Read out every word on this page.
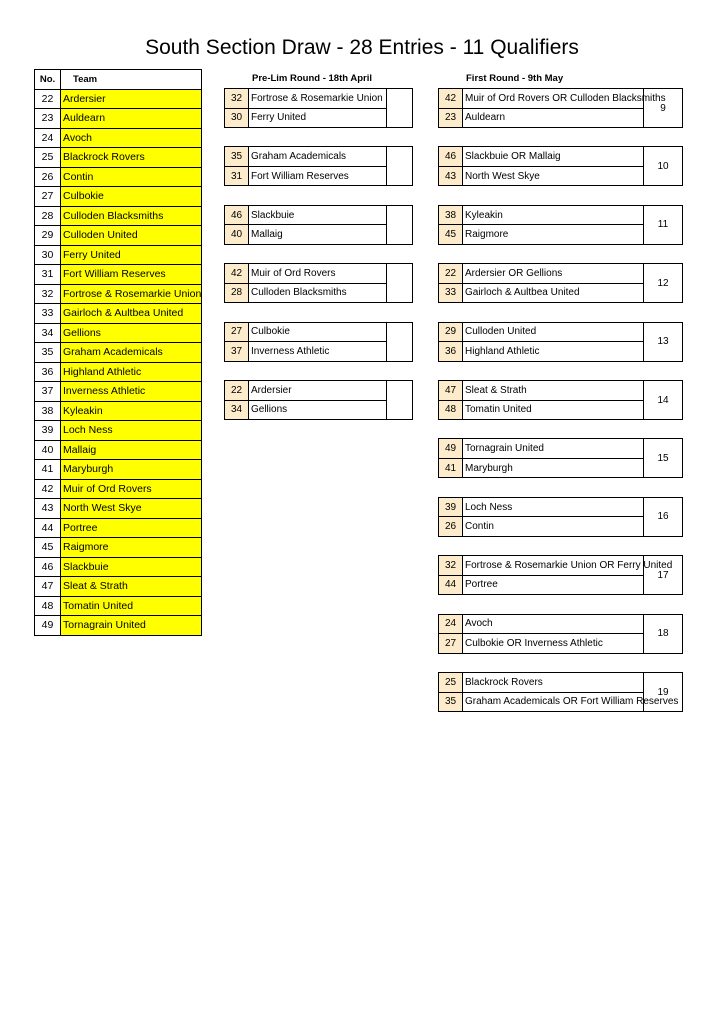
South Section Draw - 28 Entries - 11 Qualifiers
Pre-Lim Round - 18th April	First Round - 9th May
No.	Team
22	Ardersier
23	Auldearn
24	Avoch
25	Blackrock Rovers
26	Contin
27	Culbokie
28	Culloden Blacksmiths
29	Culloden United
30	Ferry United
31	Fort William Reserves
32	Fortrose & Rosemarkie Union
33	Gairloch & Aultbea United
34	Gellions
35	Graham Academicals
36	Highland Athletic
37	Inverness Athletic
38	Kyleakin
39	Loch Ness
40	Mallaig
41	Maryburgh
42	Muir of Ord Rovers
43	North West Skye
44	Portree
45	Raigmore
46	Slackbuie
47	Sleat & Strath
48	Tomatin United
49	Tornagrain United
32	Fortrose & Rosemarkie Union	
30	Ferry United	
35	Graham Academicals	
31	Fort William Reserves	
46	Slackbuie	
40	Mallaig	
42	Muir of Ord Rovers	
28	Culloden Blacksmiths	
27	Culbokie	
37	Inverness Athletic	
22	Ardersier	
34	Gellions	
42	Muir of Ord Rovers OR Culloden Blacksmiths	9
23	Auldearn	
46	Slackbuie OR Mallaig	10
43	North West Skye	
38	Kyleakin	11
45	Raigmore	
22	Ardersier OR Gellions	12
33	Gairloch & Aultbea United	
29	Culloden United	13
36	Highland Athletic	
47	Sleat & Strath	14
48	Tomatin United	
49	Tornagrain United	15
41	Maryburgh	
39	Loch Ness	16
26	Contin	
32	Fortrose & Rosemarkie Union OR Ferry United	17
44	Portree	
24	Avoch	18
27	Culbokie OR Inverness Athletic	
25	Blackrock Rovers	19
35	Graham Academicals OR Fort William Reserves	
